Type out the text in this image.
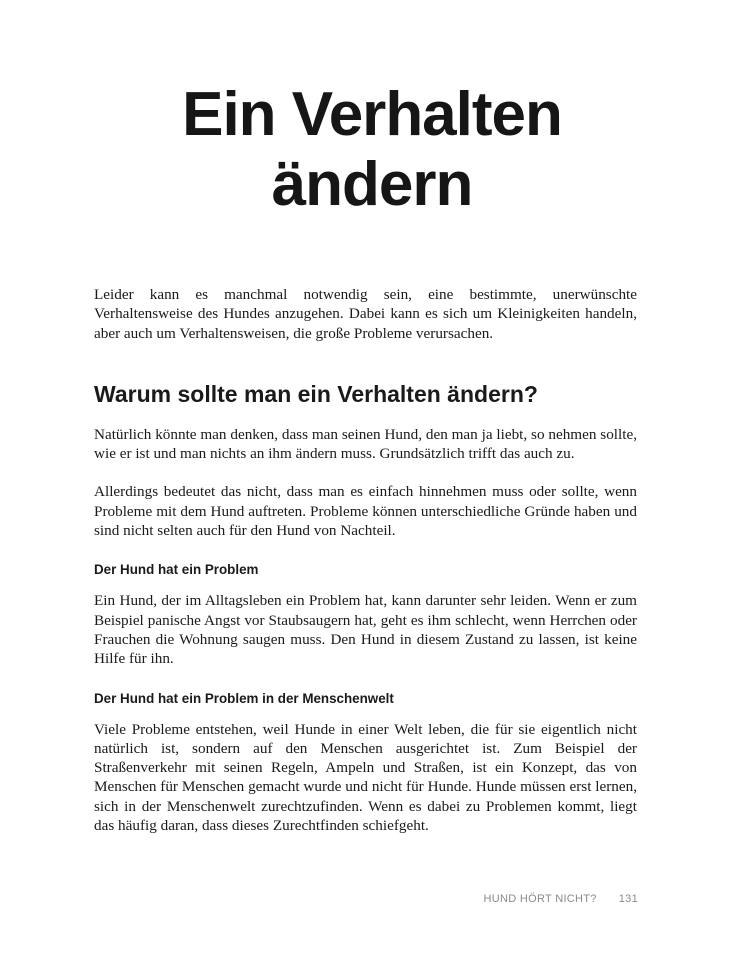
Ein Verhalten
ändern

Leider kann es manchmal notwendig sein, eine bestimmte, unerwünschte Verhaltensweise des Hundes anzugehen. Dabei kann es sich um Kleinigkeiten handeln, aber auch um Verhaltensweisen, die große Probleme verursachen.

Warum sollte man ein Verhalten ändern?

Natürlich könnte man denken, dass man seinen Hund, den man ja liebt, so nehmen sollte, wie er ist und man nichts an ihm ändern muss. Grundsätzlich trifft das auch zu.

Allerdings bedeutet das nicht, dass man es einfach hinnehmen muss oder sollte, wenn Probleme mit dem Hund auftreten. Probleme können unterschiedliche Gründe haben und sind nicht selten auch für den Hund von Nachteil.

Der Hund hat ein Problem

Ein Hund, der im Alltagsleben ein Problem hat, kann darunter sehr leiden. Wenn er zum Beispiel panische Angst vor Staubsaugern hat, geht es ihm schlecht, wenn Herrchen oder Frauchen die Wohnung saugen muss. Den Hund in diesem Zustand zu lassen, ist keine Hilfe für ihn.

Der Hund hat ein Problem in der Menschenwelt

Viele Probleme entstehen, weil Hunde in einer Welt leben, die für sie eigentlich nicht natürlich ist, sondern auf den Menschen ausgerichtet ist. Zum Beispiel der Straßenverkehr mit seinen Regeln, Ampeln und Straßen, ist ein Konzept, das von Menschen für Menschen gemacht wurde und nicht für Hunde. Hunde müssen erst lernen, sich in der Menschenwelt zurechtzufinden. Wenn es dabei zu Problemen kommt, liegt das häufig daran, dass dieses Zurechtfinden schiefgeht.

HUND HÖRT NICHT? 131
